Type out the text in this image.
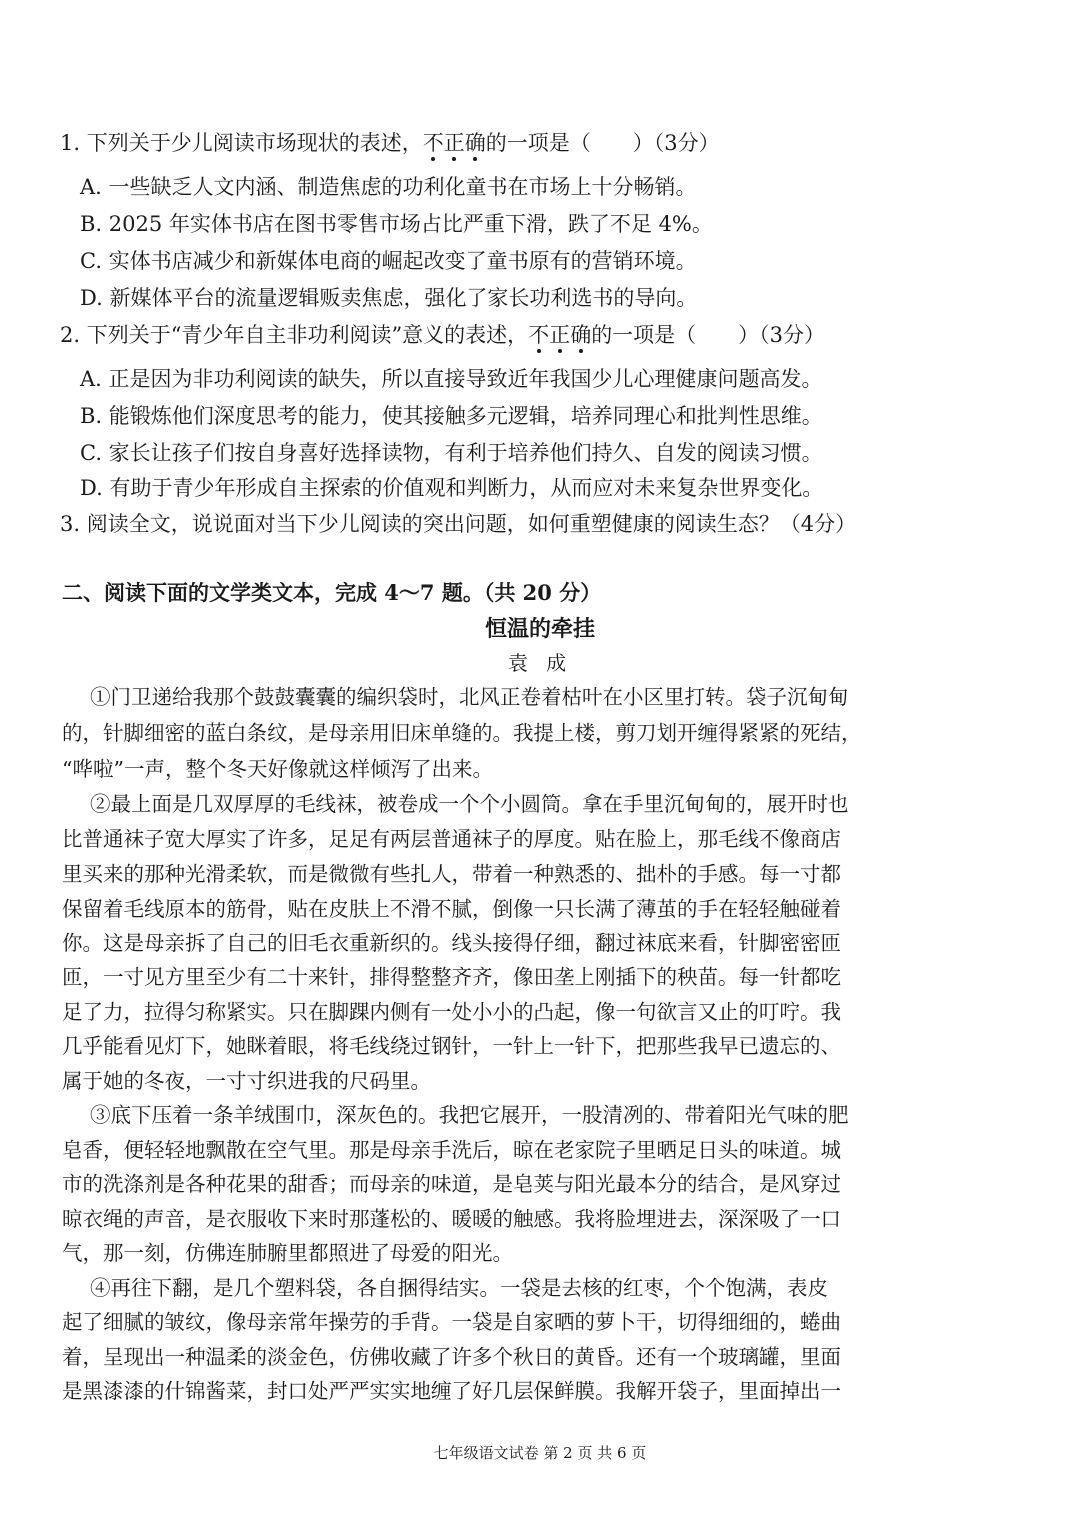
1. 下列关于少儿阅读市场现状的表述，不
正
确
的一项是（　　）（3分）
A. 一些缺乏人文内涵、制造焦虑的功利化童书在市场上十分畅销。
B. 2025 年实体书店在图书零售市场占比严重下滑，跌了不足 4%。
C. 实体书店减少和新媒体电商的崛起改变了童书原有的营销环境。
D. 新媒体平台的流量逻辑贩卖焦虑，强化了家长功利选书的导向。
2. 下列关于“青少年自主非功利阅读”意义的表述，不
正
确
的一项是（　　）（3分）
A. 正是因为非功利阅读的缺失，所以直接导致近年我国少儿心理健康问题高发。
B. 能锻炼他们深度思考的能力，使其接触多元逻辑，培养同理心和批判性思维。
C. 家长让孩子们按自身喜好选择读物，有利于培养他们持久、自发的阅读习惯。
D. 有助于青少年形成自主探索的价值观和判断力，从而应对未来复杂世界变化。
3. 阅读全文，说说面对当下少儿阅读的突出问题，如何重塑健康的阅读生态？（4分）
二、阅读下面的文学类文本，完成 4～7 题。（共 20 分）
恒温的牵挂
袁 成
①门卫递给我那个鼓鼓囊囊的编织袋时，北风正卷着枯叶在小区里打转。袋子沉甸甸
的，针脚细密的蓝白条纹，是母亲用旧床单缝的。我提上楼，剪刀划开缠得紧紧的死结，
“哗啦”一声，整个冬天好像就这样倾泻了出来。
②最上面是几双厚厚的毛线袜，被卷成一个个小圆筒。拿在手里沉甸甸的，展开时也
比普通袜子宽大厚实了许多，足足有两层普通袜子的厚度。贴在脸上，那毛线不像商店
里买来的那种光滑柔软，而是微微有些扎人，带着一种熟悉的、拙朴的手感。每一寸都
保留着毛线原本的筋骨，贴在皮肤上不滑不腻，倒像一只长满了薄茧的手在轻轻触碰着
你。这是母亲拆了自己的旧毛衣重新织的。线头接得仔细，翻过袜底来看，针脚密密匝
匝，一寸见方里至少有二十来针，排得整整齐齐，像田垄上刚插下的秧苗。每一针都吃
足了力，拉得匀称紧实。只在脚踝内侧有一处小小的凸起，像一句欲言又止的叮咛。我
几乎能看见灯下，她眯着眼，将毛线绕过钢针，一针上一针下，把那些我早已遗忘的、
属于她的冬夜，一寸寸织进我的尺码里。
③底下压着一条羊绒围巾，深灰色的。我把它展开，一股清冽的、带着阳光气味的肥
皂香，便轻轻地飘散在空气里。那是母亲手洗后，晾在老家院子里晒足日头的味道。城
市的洗涤剂是各种花果的甜香；而母亲的味道，是皂荚与阳光最本分的结合，是风穿过
晾衣绳的声音，是衣服收下来时那蓬松的、暖暖的触感。我将脸埋进去，深深吸了一口
气，那一刻，仿佛连肺腑里都照进了母爱的阳光。
④再往下翻，是几个塑料袋，各自捆得结实。一袋是去核的红枣，个个饱满，表皮
起了细腻的皱纹，像母亲常年操劳的手背。一袋是自家晒的萝卜干，切得细细的，蜷曲
着，呈现出一种温柔的淡金色，仿佛收藏了许多个秋日的黄昏。还有一个玻璃罐，里面
是黑漆漆的什锦酱菜，封口处严严实实地缠了好几层保鲜膜。我解开袋子，里面掉出一
七年级语文试卷 第 2 页 共 6 页
